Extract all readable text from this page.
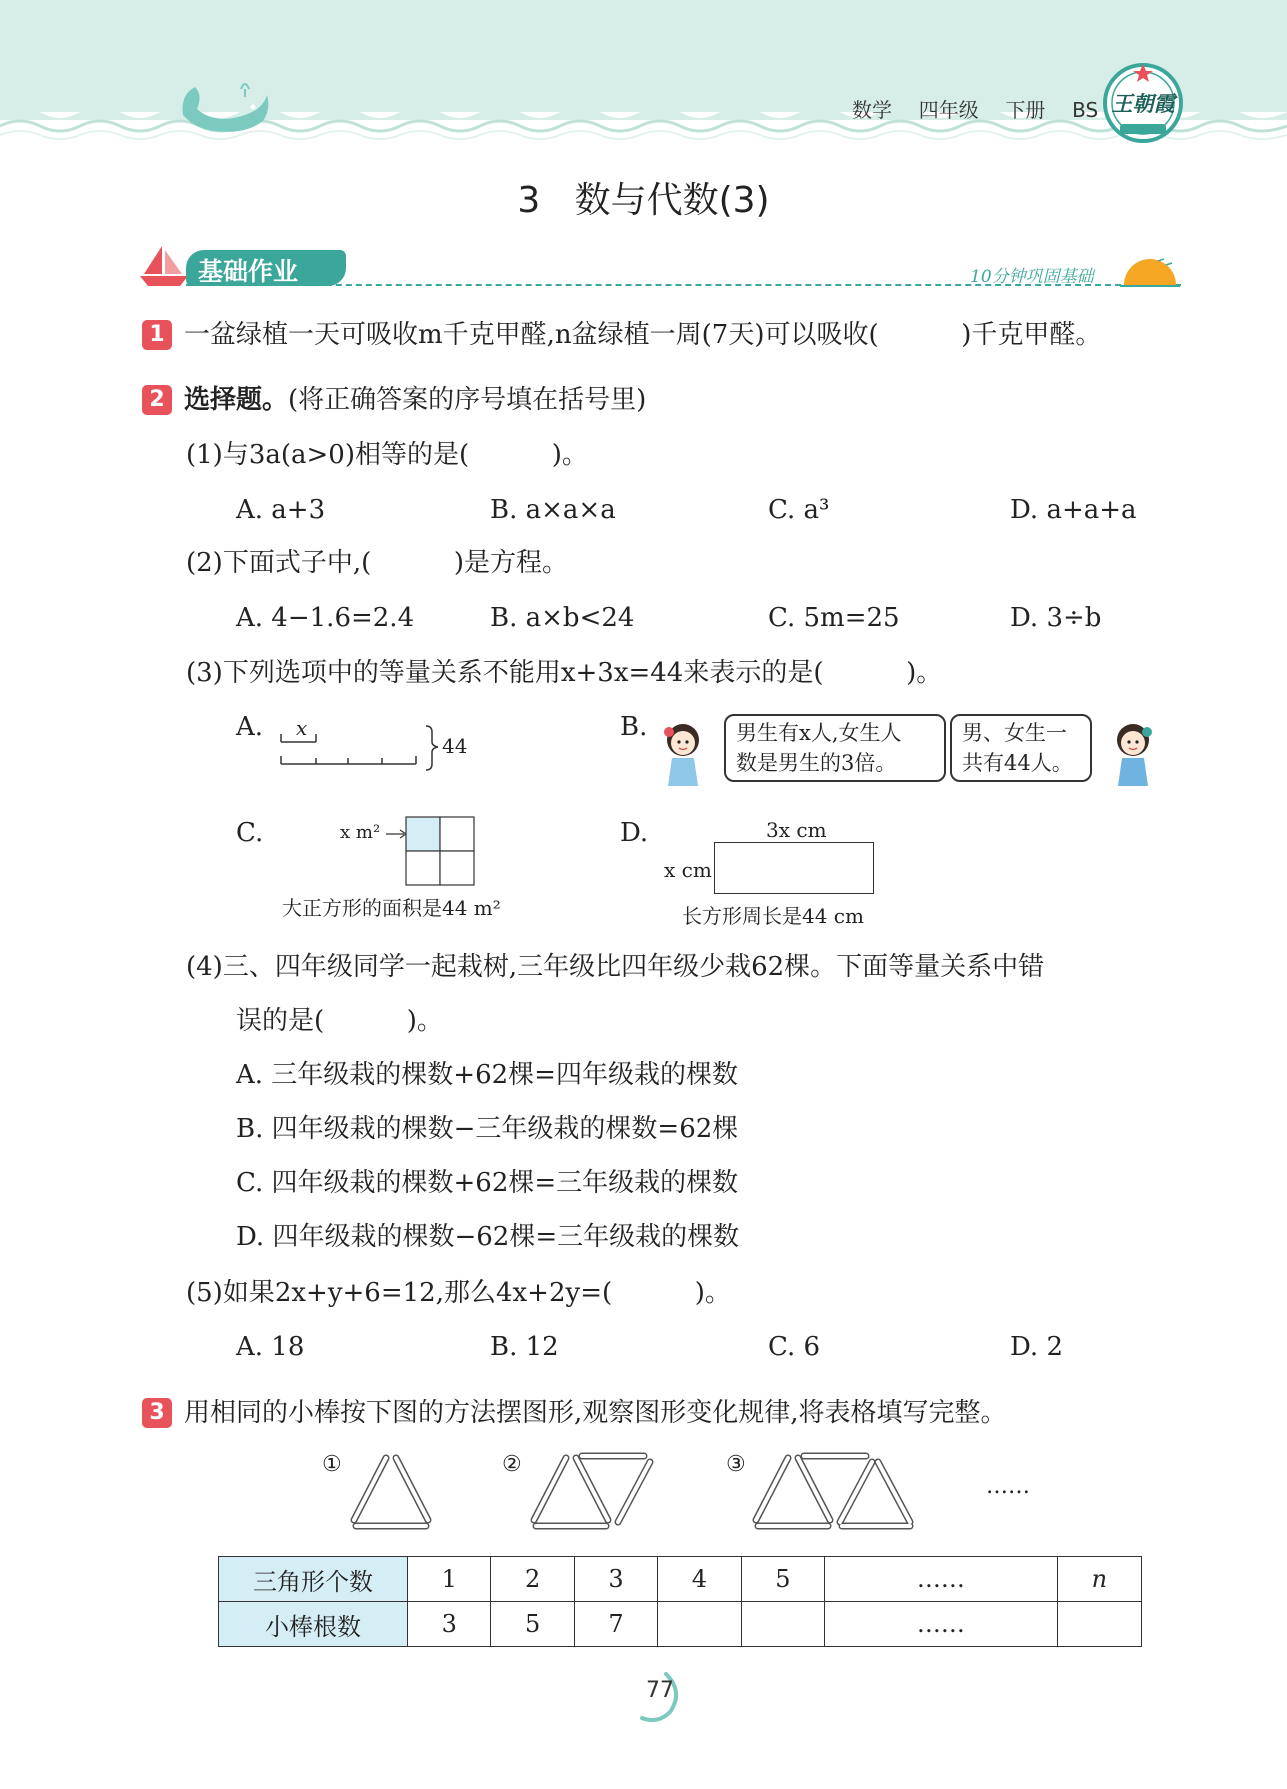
数学 四年级 下册 BS 王朝霞
3   数与代数(3)
基础作业	10分钟巩固基础
1 一盆绿植一天可吸收m千克甲醛,n盆绿植一周(7天)可以吸收(          )千克甲醛。
2 选择题。(将正确答案的序号填在括号里)
(1)与3a(a>0)相等的是(          )。
A. a+3	B. a×a×a	C. a³	D. a+a+a
(2)下面式子中,(          )是方程。
A. 4−1.6=2.4	B. a×b<24	C. 5m=25	D. 3÷b
(3)下列选项中的等量关系不能用x+3x=44来表示的是(          )。
A. x
44
B.	男生有x人,女生人
数是男生的3倍。
男、女生一
共有44人。
C.	x m²
大正方形的面积是44 m²
D.	3x cm
x cm
长方形周长是44 cm
(4)三、四年级同学一起栽树,三年级比四年级少栽62棵。下面等量关系中错
误的是(          )。
A. 三年级栽的棵数+62棵=四年级栽的棵数
B. 四年级栽的棵数−三年级栽的棵数=62棵
C. 四年级栽的棵数+62棵=三年级栽的棵数
D. 四年级栽的棵数−62棵=三年级栽的棵数
(5)如果2x+y+6=12,那么4x+2y=(          )。
A. 18	B. 12	C. 6	D. 2
3 用相同的小棒按下图的方法摆图形,观察图形变化规律,将表格填写完整。
①	②	③
……
三角形个数	1	2	3	4	5	……	n
小棒根数	3	5	7			……	
77
